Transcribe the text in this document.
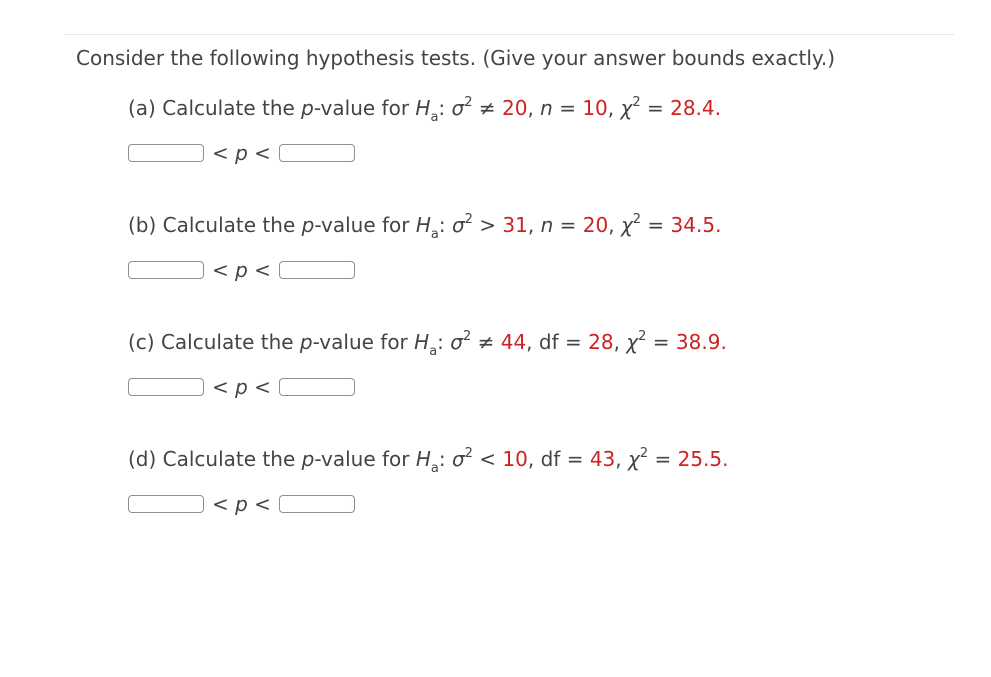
Consider the following hypothesis tests. (Give your answer bounds exactly.)
(a) Calculate the p-value for $H_a$: $\sigma^2 \ne 20$, n = 10, $\chi^2 = 28.4$.
< p <
(b) Calculate the p-value for $H_a$: $\sigma^2 > 31$, n = 20, $\chi^2 = 34.5$.
< p <
(c) Calculate the p-value for $H_a$: $\sigma^2 \ne 44$, df = 28, $\chi^2 = 38.9$.
< p <
(d) Calculate the p-value for $H_a$: $\sigma^2 < 10$, df = 43, $\chi^2 = 25.5$.
< p <
